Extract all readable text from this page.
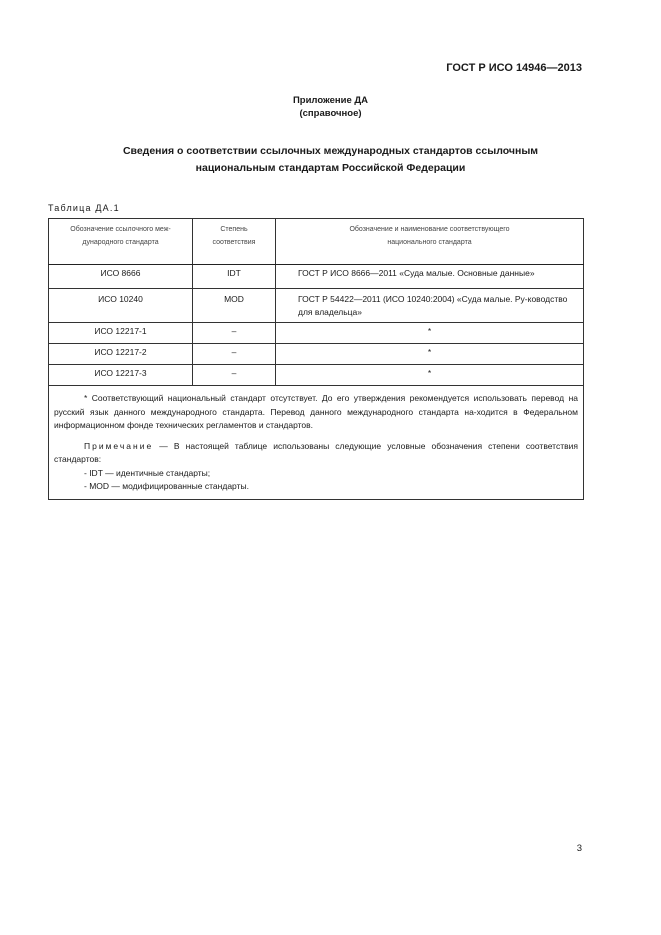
ГОСТ Р ИСО 14946—2013
Приложение ДА
(справочное)
Сведения о соответствии ссылочных международных стандартов ссылочным
национальным стандартам Российской Федерации
Таблица ДА.1
Обозначение ссылочного меж-дународного стандарта	Степень соответствия	Обозначение и наименование соответствующего национального стандарта
ИСО 8666	IDT	ГОСТ Р ИСО 8666—2011 «Суда малые. Основные данные»
ИСО 10240	MOD	ГОСТ Р 54422—2011 (ИСО 10240:2004) «Суда малые. Ру-ководство для владельца»
ИСО 12217-1	–	*
ИСО 12217-2	–	*
ИСО 12217-3	–	*

* Соответствующий национальный стандарт отсутствует. До его утверждения рекомендуется использовать перевод на русский язык данного международного стандарта. Перевод данного международного стандарта на-ходится в Федеральном информационном фонде технических регламентов и стандартов.

Примечание — В настоящей таблице использованы следующие условные обозначения степени соответствия стандартов:

- IDT — идентичные стандарты;
- MOD — модифицированные стандарты.		
3
